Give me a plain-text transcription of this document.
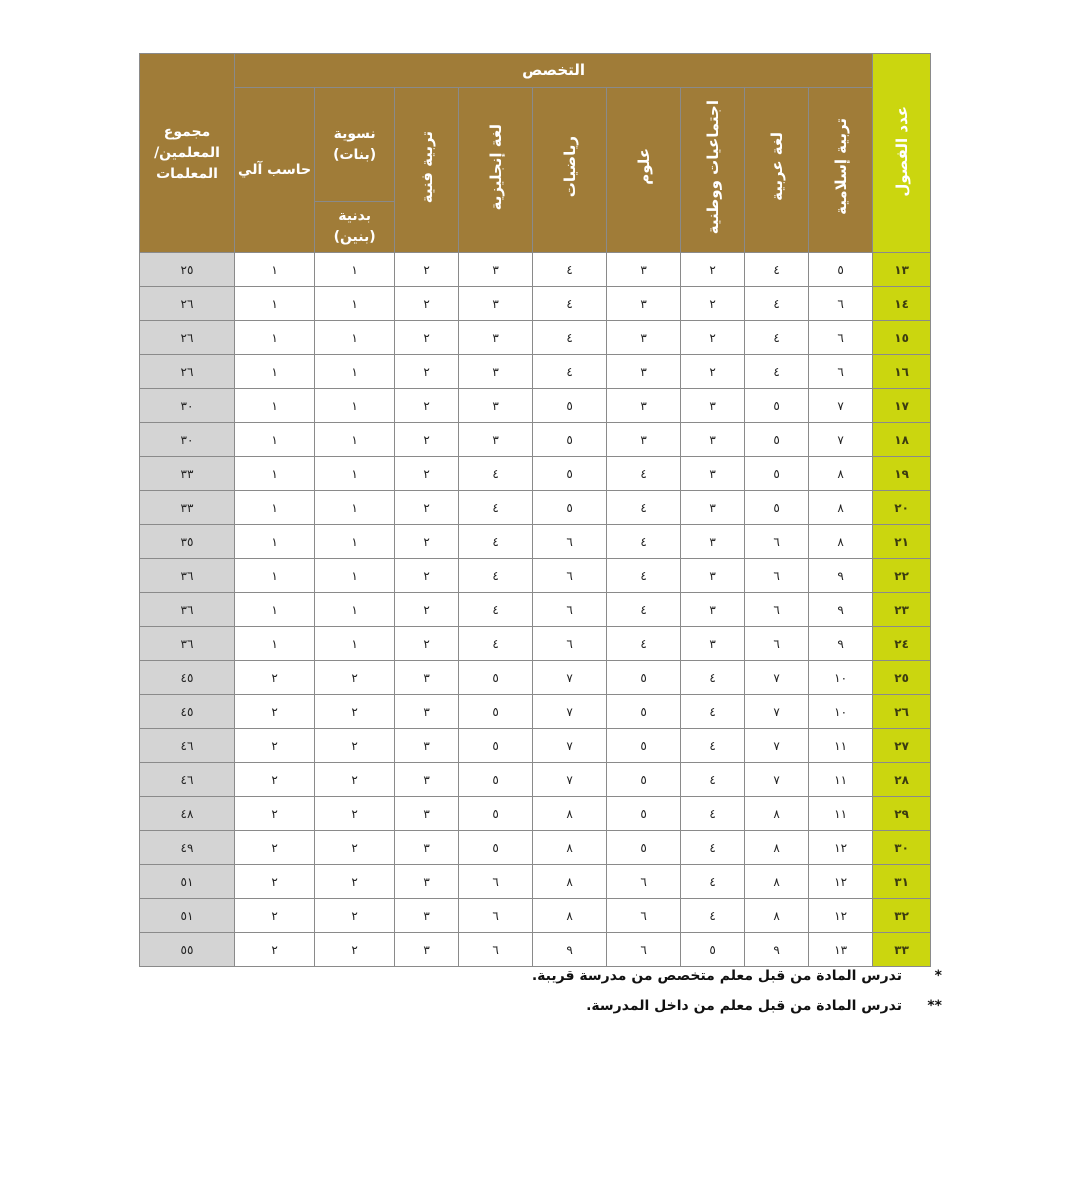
عدد الفصول	التخصص									مجموع المعلمين/ المعلمات
	تربية إسلامية	لغة عربية	اجتماعيات ووطنية	علوم	رياضيات	لغة إنجليزية	تربية فنية	نسوية (بنات)	حاسب آلي	
								بدنية (بنين)		
١٣	٥	٤	٢	٣	٤	٣	٢	١	١	٢٥
١٤	٦	٤	٢	٣	٤	٣	٢	١	١	٢٦
١٥	٦	٤	٢	٣	٤	٣	٢	١	١	٢٦
١٦	٦	٤	٢	٣	٤	٣	٢	١	١	٢٦
١٧	٧	٥	٣	٣	٥	٣	٢	١	١	٣٠
١٨	٧	٥	٣	٣	٥	٣	٢	١	١	٣٠
١٩	٨	٥	٣	٤	٥	٤	٢	١	١	٣٣
٢٠	٨	٥	٣	٤	٥	٤	٢	١	١	٣٣
٢١	٨	٦	٣	٤	٦	٤	٢	١	١	٣٥
٢٢	٩	٦	٣	٤	٦	٤	٢	١	١	٣٦
٢٣	٩	٦	٣	٤	٦	٤	٢	١	١	٣٦
٢٤	٩	٦	٣	٤	٦	٤	٢	١	١	٣٦
٢٥	١٠	٧	٤	٥	٧	٥	٣	٢	٢	٤٥
٢٦	١٠	٧	٤	٥	٧	٥	٣	٢	٢	٤٥
٢٧	١١	٧	٤	٥	٧	٥	٣	٢	٢	٤٦
٢٨	١١	٧	٤	٥	٧	٥	٣	٢	٢	٤٦
٢٩	١١	٨	٤	٥	٨	٥	٣	٢	٢	٤٨
٣٠	١٢	٨	٤	٥	٨	٥	٣	٢	٢	٤٩
٣١	١٢	٨	٤	٦	٨	٦	٣	٢	٢	٥١
٣٢	١٢	٨	٤	٦	٨	٦	٣	٢	٢	٥١
٣٣	١٣	٩	٥	٦	٩	٦	٣	٢	٢	٥٥
*
تدرس المادة من قبل معلم متخصص من مدرسة قريبة.
**
تدرس المادة من قبل معلم من داخل المدرسة.
